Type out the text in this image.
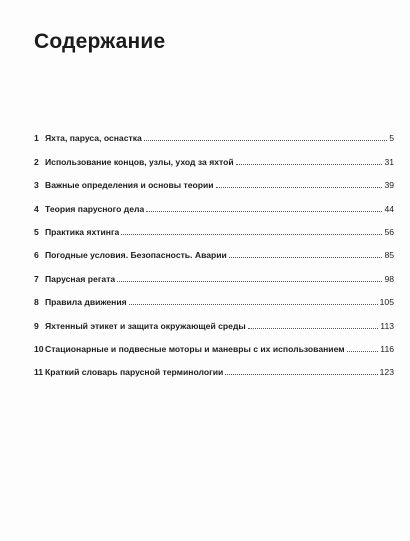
Содержание
1 Яхта, паруса, оснастка	5
2 Использование концов, узлы, уход за яхтой	31
3 Важные определения и основы теории	39
4 Теория парусного дела	44
5 Практика яхтинга	56
6 Погодные условия. Безопасность. Аварии	85
7 Парусная регата	98
8 Правила движения	105
9 Яхтенный этикет и защита окружающей среды	113
10 Стационарные и подвесные моторы и маневры с их использованием	116
11 Краткий словарь парусной терминологии	123
